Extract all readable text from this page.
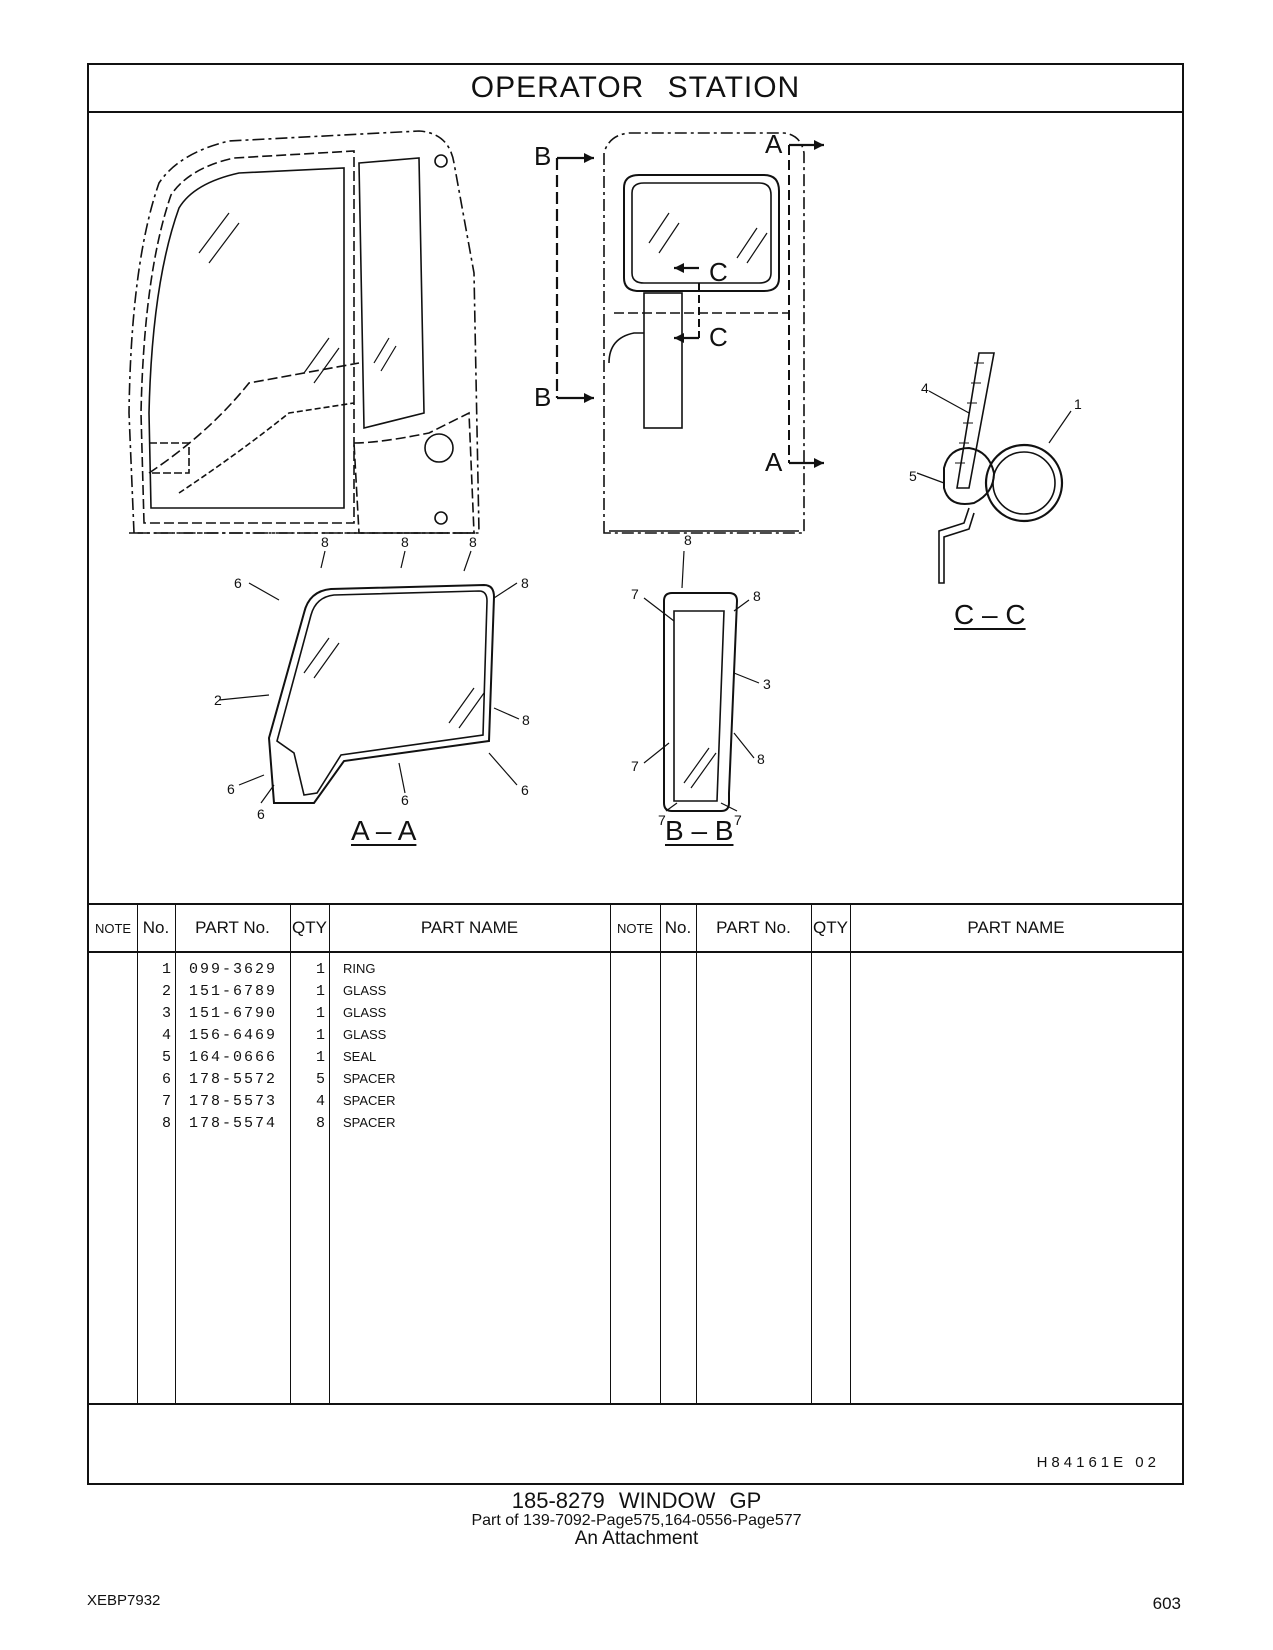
OPERATOR STATION
B
B
A
A
C
C
4
1
5
6
8	8	8
8
2
8
6
6
6
6
7
8
8
3
8
7
7	7
A – A	B – B
C – C
NOTE No.	PART No.	QTY	PART NAME	NOTE No.	PART No.	QTY	PART NAME
1 099-3629	1 RING
2 151-6789	1 GLASS
3 151-6790	1 GLASS
4 156-6469	1 GLASS
5 164-0666	1 SEAL
6 178-5572	5 SPACER
7 178-5573	4 SPACER
8 178-5574	8 SPACER
H84161E 02
185-8279 WINDOW GP
Part of 139-7092-Page575,164-0556-Page577
An Attachment
XEBP7932	603
